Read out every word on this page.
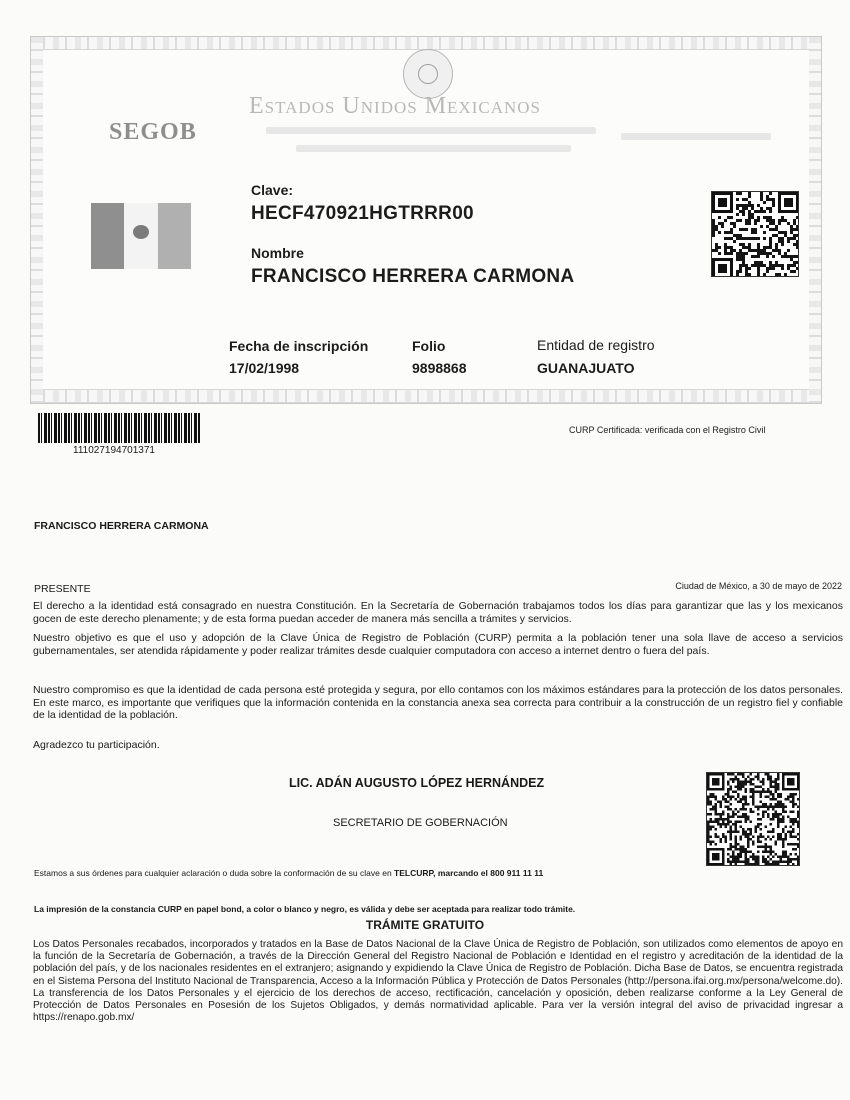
Estados Unidos Mexicanos
SEGOB
Clave:
HECF470921HGTRRR00
Nombre
FRANCISCO HERRERA CARMONA
Fecha de inscripción
17/02/1998
Folio
9898868
Entidad de registro
GUANAJUATO
111027194701371
CURP Certificada: verificada con el Registro Civil
FRANCISCO HERRERA CARMONA
PRESENTE	Ciudad de México, a 30 de mayo de 2022
El derecho a la identidad está consagrado en nuestra Constitución. En la Secretaría de Gobernación trabajamos todos los días para garantizar que las y los mexicanos gocen de este derecho plenamente; y de esta forma puedan acceder de manera más sencilla a trámites y servicios.
Nuestro objetivo es que el uso y adopción de la Clave Única de Registro de Población (CURP) permita a la población tener una sola llave de acceso a servicios gubernamentales, ser atendida rápidamente y poder realizar trámites desde cualquier computadora con acceso a internet dentro o fuera del país.
Nuestro compromiso es que la identidad de cada persona esté protegida y segura, por ello contamos con los máximos estándares para la protección de los datos personales. En este marco, es importante que verifiques que la información contenida en la constancia anexa sea correcta para contribuir a la construcción de un registro fiel y confiable de la identidad de la población.
Agradezco tu participación.
LIC. ADÁN AUGUSTO LÓPEZ HERNÁNDEZ
SECRETARIO DE GOBERNACIÓN
Estamos a sus órdenes para cualquier aclaración o duda sobre la conformación de su clave en TELCURP, marcando el 800 911 11 11
La impresión de la constancia CURP en papel bond, a color o blanco y negro, es válida y debe ser aceptada para realizar todo trámite.
TRÁMITE GRATUITO
Los Datos Personales recabados, incorporados y tratados en la Base de Datos Nacional de la Clave Única de Registro de Población, son utilizados como elementos de apoyo en la función de la Secretaría de Gobernación, a través de la Dirección General del Registro Nacional de Población e Identidad en el registro y acreditación de la identidad de la población del país, y de los nacionales residentes en el extranjero; asignando y expidiendo la Clave Única de Registro de Población. Dicha Base de Datos, se encuentra registrada en el Sistema Persona del Instituto Nacional de Transparencia, Acceso a la Información Pública y Protección de Datos Personales (http://persona.ifai.org.mx/persona/welcome.do). La transferencia de los Datos Personales y el ejercicio de los derechos de acceso, rectificación, cancelación y oposición, deben realizarse conforme a la Ley General de Protección de Datos Personales en Posesión de los Sujetos Obligados, y demás normatividad aplicable. Para ver la versión integral del aviso de privacidad ingresar a https://renapo.gob.mx/
